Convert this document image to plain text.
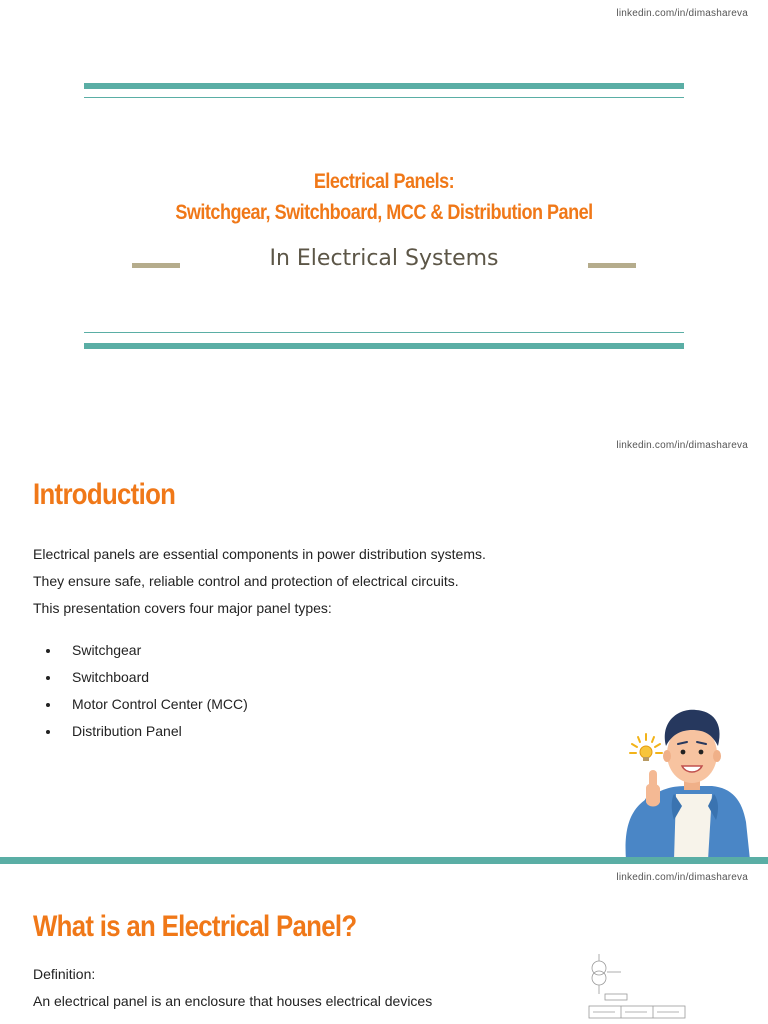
linkedin.com/in/dimashareva
Electrical Panels:
Switchgear, Switchboard, MCC & Distribution Panel
In Electrical Systems
linkedin.com/in/dimashareva
Introduction
Electrical panels are essential components in power distribution systems.
They ensure safe, reliable control and protection of electrical circuits.
This presentation covers four major panel types:
Switchgear
Switchboard
Motor Control Center (MCC)
Distribution Panel
linkedin.com/in/dimashareva
What is an Electrical Panel?
Definition:
An electrical panel is an enclosure that houses electrical devices
